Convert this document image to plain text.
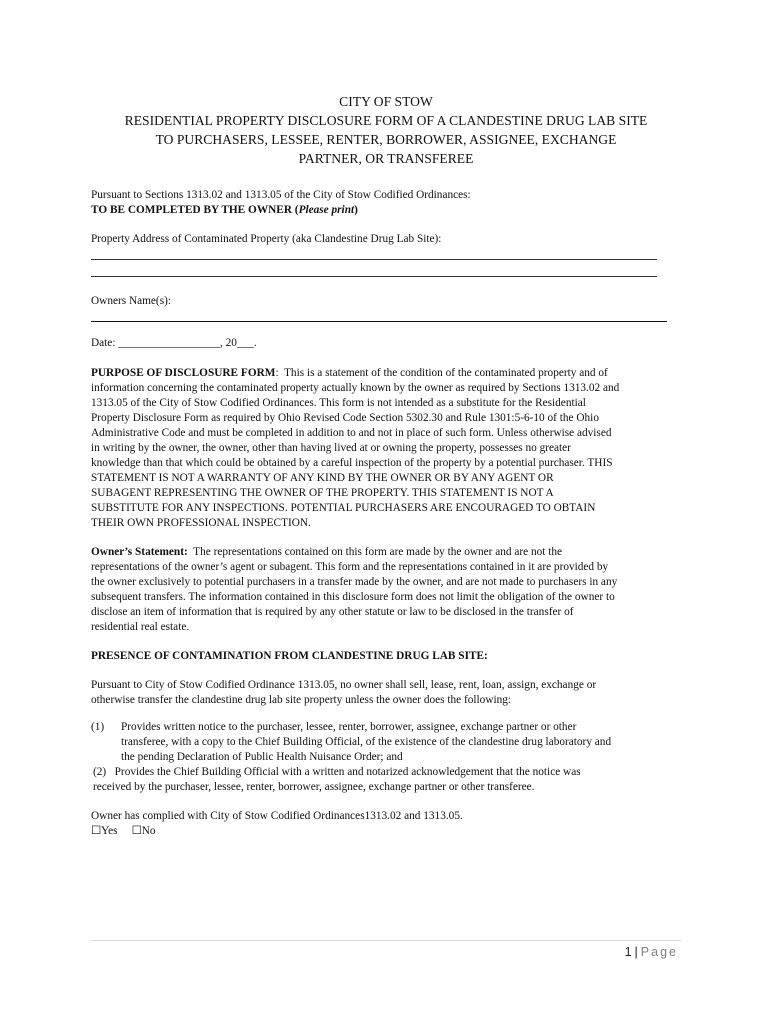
CITY OF STOW
RESIDENTIAL PROPERTY DISCLOSURE FORM OF A CLANDESTINE DRUG LAB SITE
TO PURCHASERS, LESSEE, RENTER, BORROWER, ASSIGNEE, EXCHANGE
PARTNER, OR TRANSFEREE

Pursuant to Sections 1313.02 and 1313.05 of the City of Stow Codified Ordinances:

TO BE COMPLETED BY THE OWNER (Please print)

Property Address of Contaminated Property (aka Clandestine Drug Lab Site):

Owners Name(s):

Date: __________________, 20___.

PURPOSE OF DISCLOSURE FORM:  This is a statement of the condition of the contaminated property and of

information concerning the contaminated property actually known by the owner as required by Sections 1313.02 and

1313.05 of the City of Stow Codified Ordinances. This form is not intended as a substitute for the Residential

Property Disclosure Form as required by Ohio Revised Code Section 5302.30 and Rule 1301:5-6-10 of the Ohio

Administrative Code and must be completed in addition to and not in place of such form. Unless otherwise advised

in writing by the owner, the owner, other than having lived at or owning the property, possesses no greater

knowledge than that which could be obtained by a careful inspection of the property by a potential purchaser. THIS

STATEMENT IS NOT A WARRANTY OF ANY KIND BY THE OWNER OR BY ANY AGENT OR

SUBAGENT REPRESENTING THE OWNER OF THE PROPERTY. THIS STATEMENT IS NOT A

SUBSTITUTE FOR ANY INSPECTIONS. POTENTIAL PURCHASERS ARE ENCOURAGED TO OBTAIN

THEIR OWN PROFESSIONAL INSPECTION.

Owner’s Statement:  The representations contained on this form are made by the owner and are not the

representations of the owner’s agent or subagent. This form and the representations contained in it are provided by

the owner exclusively to potential purchasers in a transfer made by the owner, and are not made to purchasers in any

subsequent transfers. The information contained in this disclosure form does not limit the obligation of the owner to

disclose an item of information that is required by any other statute or law to be disclosed in the transfer of

residential real estate.

PRESENCE OF CONTAMINATION FROM CLANDESTINE DRUG LAB SITE:

Pursuant to City of Stow Codified Ordinance 1313.05, no owner shall sell, lease, rent, loan, assign, exchange or

otherwise transfer the clandestine drug lab site property unless the owner does the following:

(1)	Provides written notice to the purchaser, lessee, renter, borrower, assignee, exchange partner or other

transferee, with a copy to the Chief Building Official, of the existence of the clandestine drug laboratory and

the pending Declaration of Public Health Nuisance Order; and

(2)   Provides the Chief Building Official with a written and notarized acknowledgement that the notice was

received by the purchaser, lessee, renter, borrower, assignee, exchange partner or other transferee.

Owner has complied with City of Stow Codified Ordinances1313.02 and 1313.05.

☐Yes ☐No

1 | Page
